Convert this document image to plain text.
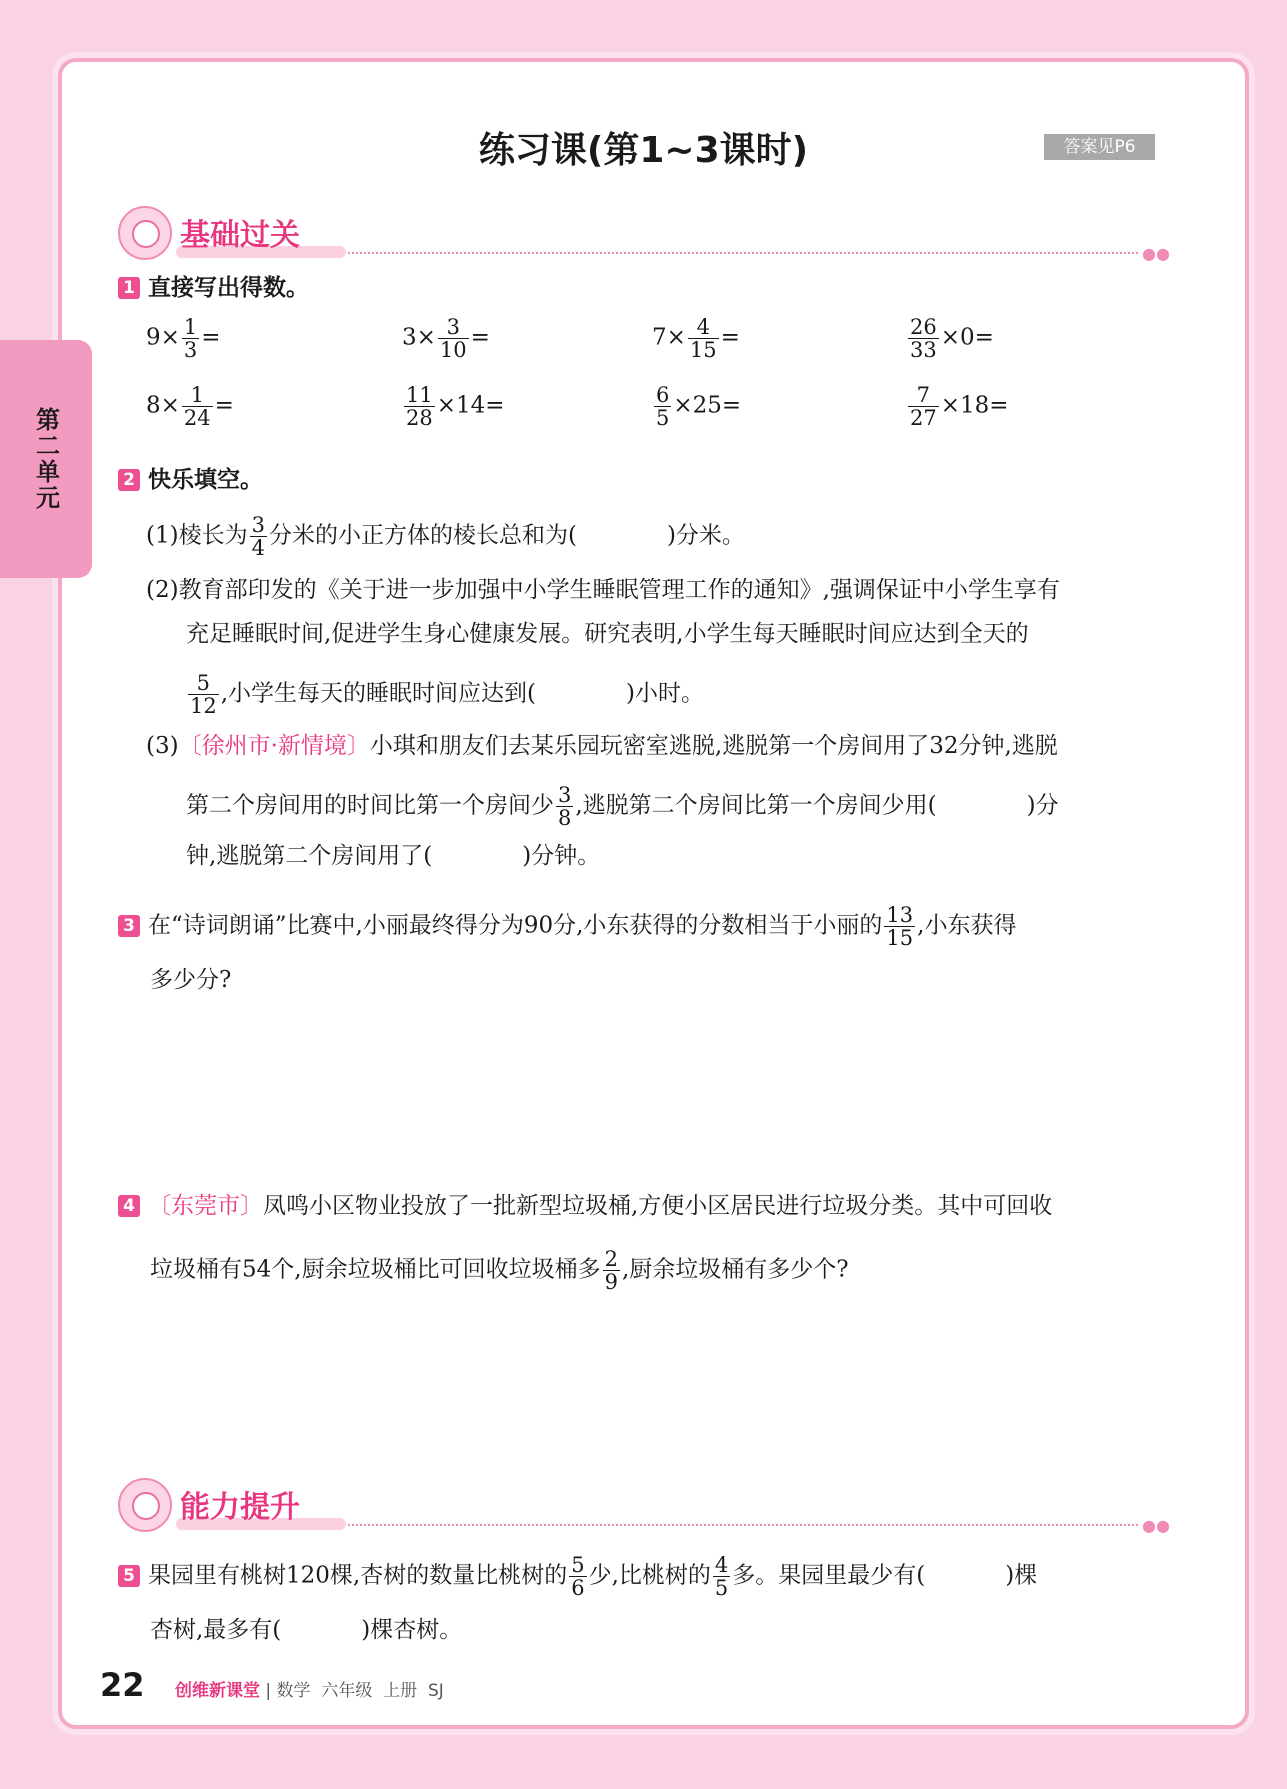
第二单元
练习课(第1~3课时)	答案见P6
基础过关
●●
1 直接写出得数。
$9\times \frac{1}{3}$ =	$3\times \frac{3}{10}$ =	$7\times \frac{4}{15}$ =	$\frac{26}{33} \times 0=$
$8\times \frac{1}{24}$ =	$\frac{11}{28} \times 14=$	$\frac{6}{5} \times 25=$	$\frac{7}{27} \times 18=$
2 快乐填空。
(1)棱长为 $\frac{3}{4}$ 分米的小正方体的棱长总和为(	)分米。
(2)教育部印发的《关于进一步加强中小学生睡眠管理工作的通知》,强调保证中小学生享有
充足睡眠时间,促进学生身心健康发展。研究表明,小学生每天睡眠时间应达到全天的
$\frac{5}{12}$ ,小学生每天的睡眠时间应达到(	)小时。
(3)〔徐州市·新情境〕小琪和朋友们去某乐园玩密室逃脱,逃脱第一个房间用了32分钟,逃脱
第二个房间用的时间比第一个房间少 $\frac{3}{8}$ ,逃脱第二个房间比第一个房间少用(	)分
钟,逃脱第二个房间用了(	)分钟。
3 在“诗词朗诵”比赛中,小丽最终得分为90分,小东获得的分数相当于小丽的 $\frac{13}{15}$ ,小东获得
多少分?
4 〔东莞市〕凤鸣小区物业投放了一批新型垃圾桶,方便小区居民进行垃圾分类。其中可回收
垃圾桶有54个,厨余垃圾桶比可回收垃圾桶多 $\frac{2}{9}$ ,厨余垃圾桶有多少个?
能力提升
●●
5 果园里有桃树120棵,杏树的数量比桃树的 $\frac{5}{6}$ 少,比桃树的 $\frac{4}{5}$ 多。果园里最少有(	)棵
杏树,最多有(	)棵杏树。
22 创维新课堂 | 数学 六年级 上册 SJ
